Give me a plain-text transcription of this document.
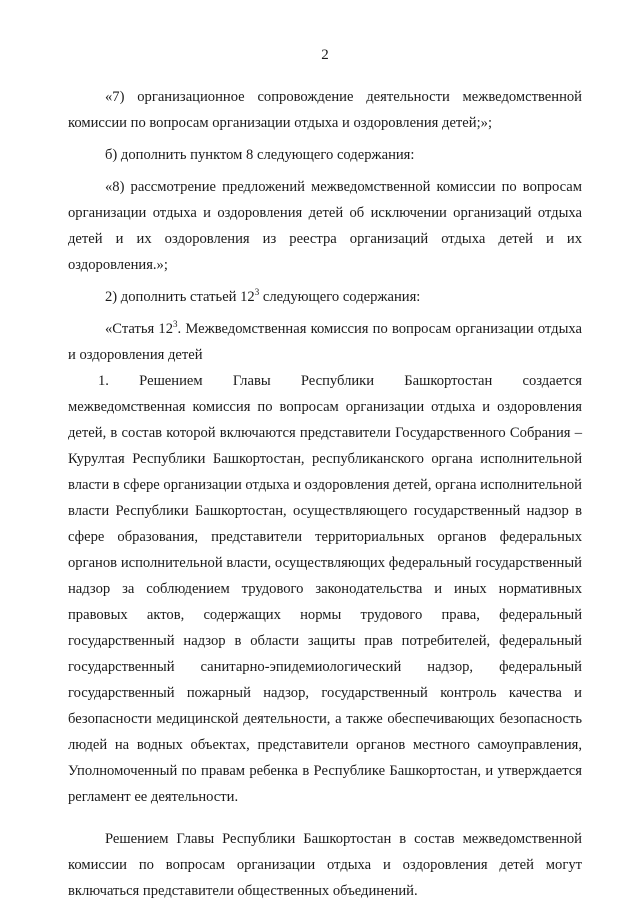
2

«7) организационное сопровождение деятельности межведомственной комиссии по вопросам организации отдыха и оздоровления детей;»;

б) дополнить пунктом 8 следующего содержания:

«8) рассмотрение предложений межведомственной комиссии по вопросам организации отдыха и оздоровления детей об исключении организаций отдыха детей и их оздоровления из реестра организаций отдыха детей и их оздоровления.»;

2) дополнить статьей $12^3$ следующего содержания:

«Статья $12^3$. Межведомственная комиссия по вопросам организации отдыха и оздоровления детей

1. Решением Главы Республики Башкортостан создается

межведомственная комиссия по вопросам организации отдыха и оздоровления детей, в состав которой включаются представители Государственного Собрания – Курултая Республики Башкортостан, республиканского органа исполнительной власти в сфере организации отдыха и оздоровления детей, органа исполнительной власти Республики Башкортостан, осуществляющего государственный надзор в сфере образования, представители территориальных органов федеральных органов исполнительной власти, осуществляющих федеральный государственный надзор за соблюдением трудового законодательства и иных нормативных правовых актов, содержащих нормы трудового права, федеральный государственный надзор в области защиты прав потребителей, федеральный государственный санитарно-эпидемиологический надзор, федеральный государственный пожарный надзор, государственный контроль качества и безопасности медицинской деятельности, а также обеспечивающих безопасность людей на водных объектах, представители органов местного самоуправления, Уполномоченный по правам ребенка в Республике Башкортостан, и утверждается регламент ее деятельности.

Решением Главы Республики Башкортостан в состав межведомственной комиссии по вопросам организации отдыха и оздоровления детей могут включаться представители общественных объединений.
